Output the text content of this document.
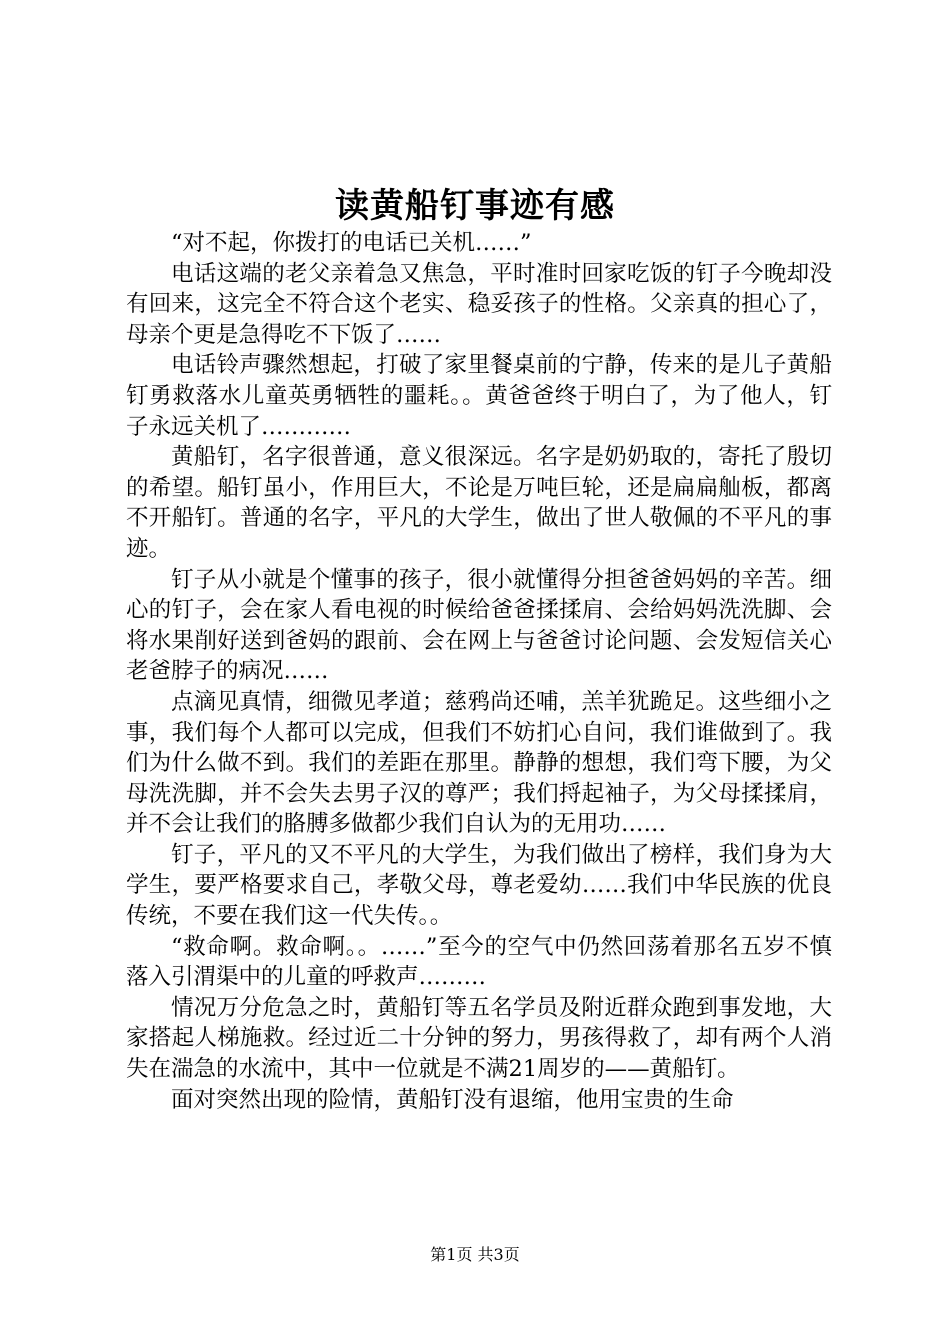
读黄船钉事迹有感

“对不起，你拨打的电话已关机……”

电话这端的老父亲着急又焦急，平时准时回家吃饭的钉子今晚却没有回来，这完全不符合这个老实、稳妥孩子的性格。父亲真的担心了，母亲个更是急得吃不下饭了……

电话铃声骤然想起，打破了家里餐桌前的宁静，传来的是儿子黄船钉勇救落水儿童英勇牺牲的噩耗。。黄爸爸终于明白了，为了他人，钉子永远关机了…………

黄船钉，名字很普通，意义很深远。名字是奶奶取的，寄托了殷切的希望。船钉虽小，作用巨大，不论是万吨巨轮，还是扁扁舢板，都离不开船钉。普通的名字，平凡的大学生，做出了世人敬佩的不平凡的事迹。

钉子从小就是个懂事的孩子，很小就懂得分担爸爸妈妈的辛苦。细心的钉子，会在家人看电视的时候给爸爸揉揉肩、会给妈妈洗洗脚、会将水果削好送到爸妈的跟前、会在网上与爸爸讨论问题、会发短信关心老爸脖子的病况……

点滴见真情，细微见孝道；慈鸦尚还哺，羔羊犹跪足。这些细小之事，我们每个人都可以完成，但我们不妨扪心自问，我们谁做到了。我们为什么做不到。我们的差距在那里。静静的想想，我们弯下腰，为父母洗洗脚，并不会失去男子汉的尊严；我们捋起袖子，为父母揉揉肩，并不会让我们的胳膊多做都少我们自认为的无用功……

钉子，平凡的又不平凡的大学生，为我们做出了榜样，我们身为大学生，要严格要求自己，孝敬父母，尊老爱幼……我们中华民族的优良传统，不要在我们这一代失传。。

“救命啊。救命啊。。……”至今的空气中仍然回荡着那名五岁不慎落入引渭渠中的儿童的呼救声………

情况万分危急之时，黄船钉等五名学员及附近群众跑到事发地，大家搭起人梯施救。经过近二十分钟的努力，男孩得救了，却有两个人消失在湍急的水流中，其中一位就是不满21周岁的——黄船钉。

面对突然出现的险情，黄船钉没有退缩，他用宝贵的生命

第1页 共3页
